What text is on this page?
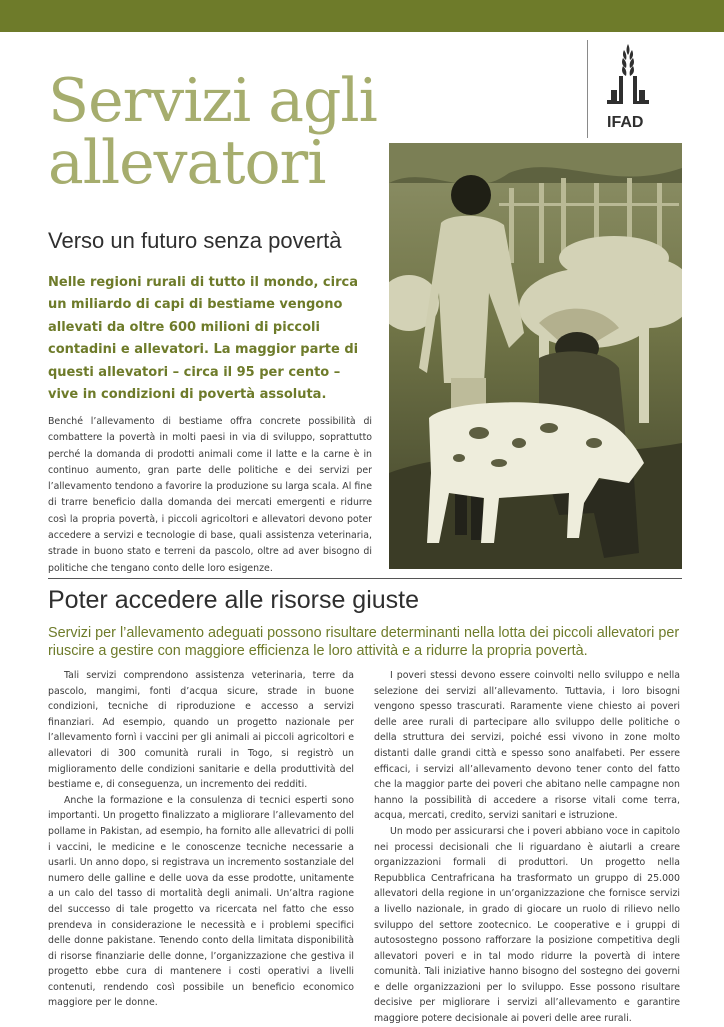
Servizi agli
allevatori
Verso un futuro senza povertà

Nelle regioni rurali di tutto il mondo, circa un miliardo di capi di bestiame vengono allevati da oltre 600 milioni di piccoli contadini e allevatori. La maggior parte di questi allevatori – circa il 95 per cento – vive in condizioni di povertà assoluta.

Benché l’allevamento di bestiame offra concrete possibilità di combattere la povertà in molti paesi in via di sviluppo, soprattutto perché la domanda di prodotti animali come il latte e la carne è in continuo aumento, gran parte delle politiche e dei servizi per l’allevamento tendono a favorire la produzione su larga scala. Al fine di trarre beneficio dalla domanda dei mercati emergenti e ridurre così la propria povertà, i piccoli agricoltori e allevatori devono poter accedere a servizi e tecnologie di base, quali assistenza veterinaria, strade in buono stato e terreni da pascolo, oltre ad aver bisogno di politiche che tengano conto delle loro esigenze.

IFAD
Poter accedere alle risorse giuste

Servizi per l’allevamento adeguati possono risultare determinanti nella lotta dei piccoli allevatori per riuscire a gestire con maggiore efficienza le loro attività e a ridurre la propria povertà.

Tali servizi comprendono assistenza veterinaria, terre da pascolo, mangimi, fonti d’acqua sicure, strade in buone condizioni, tecniche di riproduzione e accesso a servizi finanziari. Ad esempio, quando un progetto nazionale per l’allevamento fornì i vaccini per gli animali ai piccoli agricoltori e allevatori di 300 comunità rurali in Togo, si registrò un miglioramento delle condizioni sanitarie e della produttività del bestiame e, di conseguenza, un incremento dei redditi.

Anche la formazione e la consulenza di tecnici esperti sono importanti. Un progetto finalizzato a migliorare l’allevamento del pollame in Pakistan, ad esempio, ha fornito alle allevatrici di polli i vaccini, le medicine e le conoscenze tecniche necessarie a usarli. Un anno dopo, si registrava un incremento sostanziale del numero delle galline e delle uova da esse prodotte, unitamente a un calo del tasso di mortalità degli animali. Un’altra ragione del successo di tale progetto va ricercata nel fatto che esso prendeva in considerazione le necessità e i problemi specifici delle donne pakistane. Tenendo conto della limitata disponibilità di risorse finanziarie delle donne, l’organizzazione che gestiva il progetto ebbe cura di mantenere i costi operativi a livelli contenuti, rendendo così possibile un beneficio economico maggiore per le donne.

I poveri stessi devono essere coinvolti nello sviluppo e nella selezione dei servizi all’allevamento. Tuttavia, i loro bisogni vengono spesso trascurati. Raramente viene chiesto ai poveri delle aree rurali di partecipare allo sviluppo delle politiche o della struttura dei servizi, poiché essi vivono in zone molto distanti dalle grandi città e spesso sono analfabeti. Per essere efficaci, i servizi all’allevamento devono tener conto del fatto che la maggior parte dei poveri che abitano nelle campagne non hanno la possibilità di accedere a risorse vitali come terra, acqua, mercati, credito, servizi sanitari e istruzione.

Un modo per assicurarsi che i poveri abbiano voce in capitolo nei processi decisionali che li riguardano è aiutarli a creare organizzazioni formali di produttori. Un progetto nella Repubblica Centrafricana ha trasformato un gruppo di 25.000 allevatori della regione in un’organizzazione che fornisce servizi a livello nazionale, in grado di giocare un ruolo di rilievo nello sviluppo del settore zootecnico. Le cooperative e i gruppi di autosostegno possono rafforzare la posizione competitiva degli allevatori poveri e in tal modo ridurre la povertà di intere comunità. Tali iniziative hanno bisogno del sostegno dei governi e delle organizzazioni per lo sviluppo. Esse possono risultare decisive per migliorare i servizi all’allevamento e garantire maggiore potere decisionale ai poveri delle aree rurali.
